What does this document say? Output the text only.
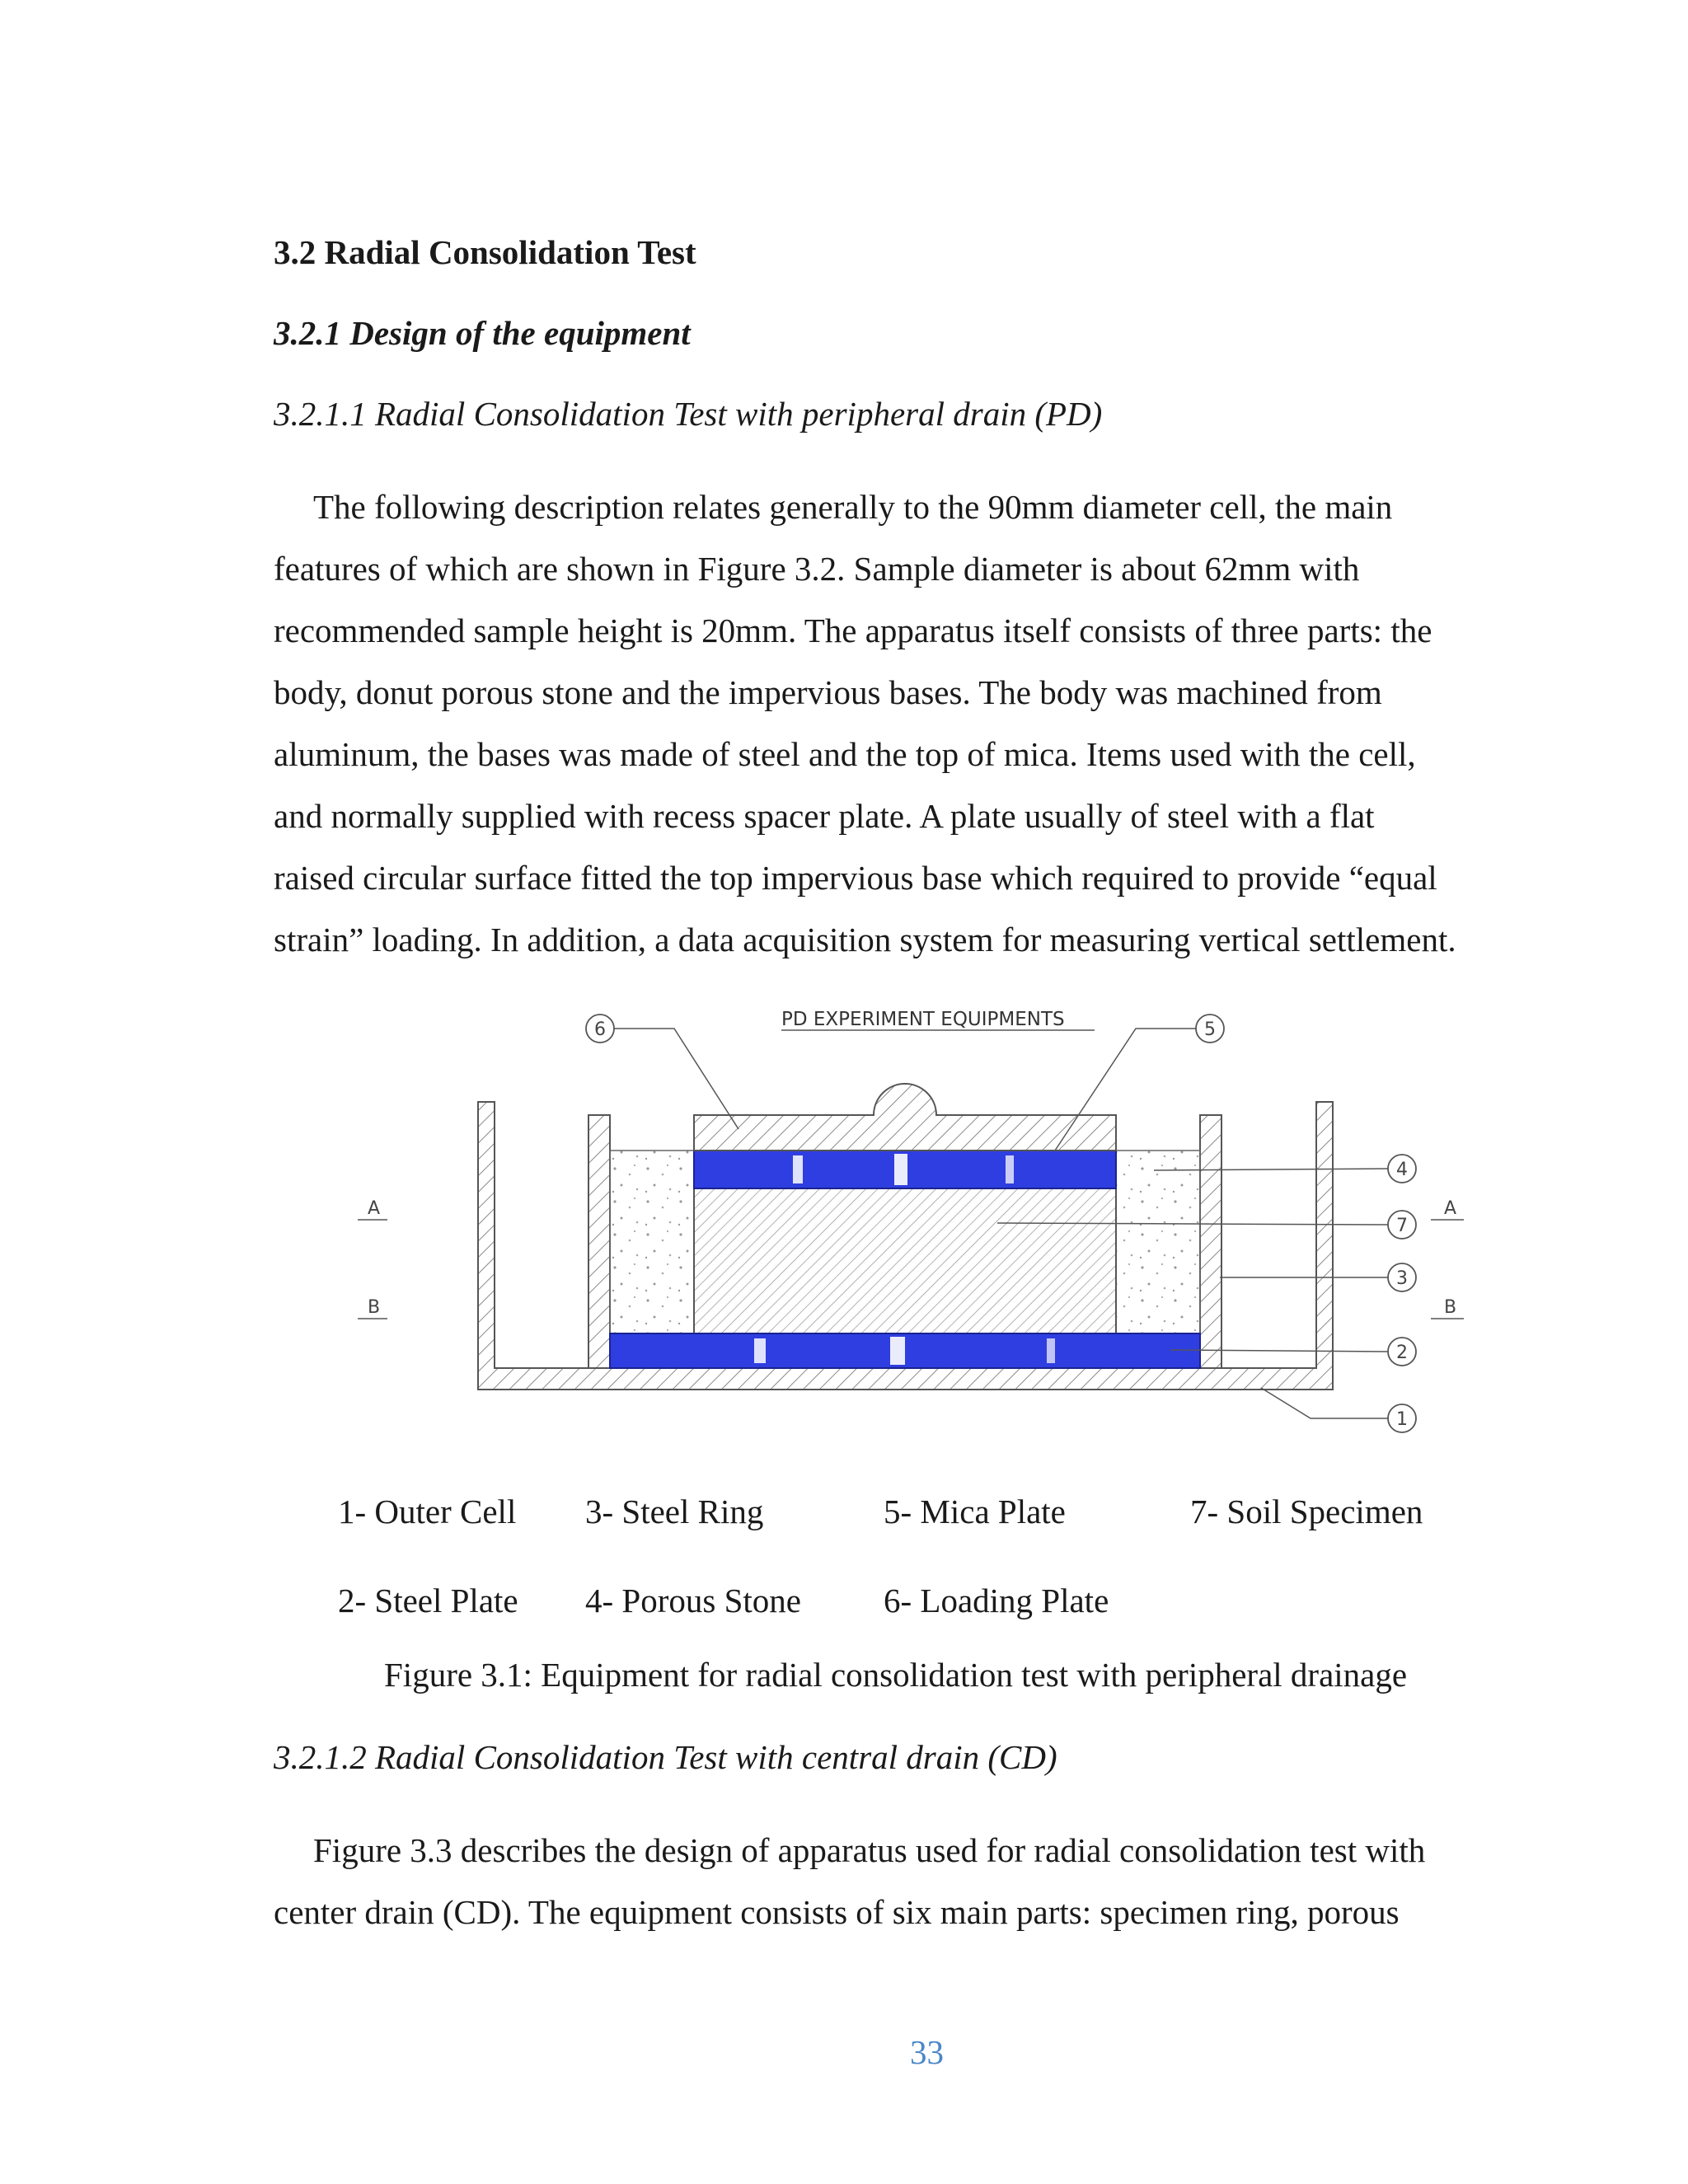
3.2 Radial Consolidation Test
3.2.1 Design of the equipment
3.2.1.1 Radial Consolidation Test with peripheral drain (PD)
The following description relates generally to the 90mm diameter cell, the main
features of which are shown in Figure 3.2. Sample diameter is about 62mm with
recommended sample height is 20mm. The apparatus itself consists of three parts: the
body, donut porous stone and the impervious bases. The body was machined from
aluminum, the bases was made of steel and the top of mica. Items used with the cell,
and normally supplied with recess spacer plate. A plate usually of steel with a flat
raised circular surface fitted the top impervious base which required to provide “equal
strain” loading. In addition, a data acquisition system for measuring vertical settlement.
A
B
A
B
PD EXPERIMENT EQUIPMENTS
6	5
4
7
3
2
1
1- Outer Cell 3- Steel Ring	5- Mica Plate	7- Soil Specimen
2- Steel Plate 4- Porous Stone 6- Loading Plate
Figure 3.1: Equipment for radial consolidation test with peripheral drainage
3.2.1.2 Radial Consolidation Test with central drain (CD)
Figure 3.3 describes the design of apparatus used for radial consolidation test with
center drain (CD). The equipment consists of six main parts: specimen ring, porous
33
